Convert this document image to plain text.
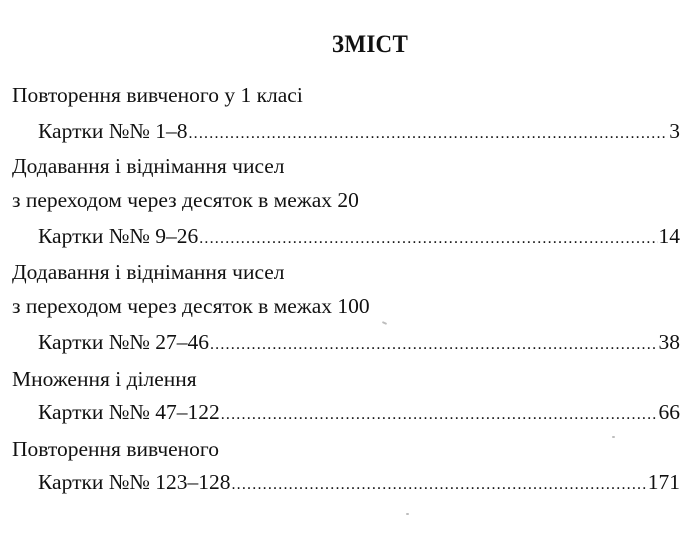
ЗМІСТ
Повторення вивченого у 1 класі
Картки №№ 1–8 .....	3
Додавання і віднімання чисел
з переходом через десяток в межах 20
Картки №№ 9–26 .....	14
Додавання і віднімання чисел
з переходом через десяток в межах 100
Картки №№ 27–46 .....	38
Множення і ділення
Картки №№ 47–122 .....	66
Повторення вивченого
Картки №№ 123–128 .....	171
